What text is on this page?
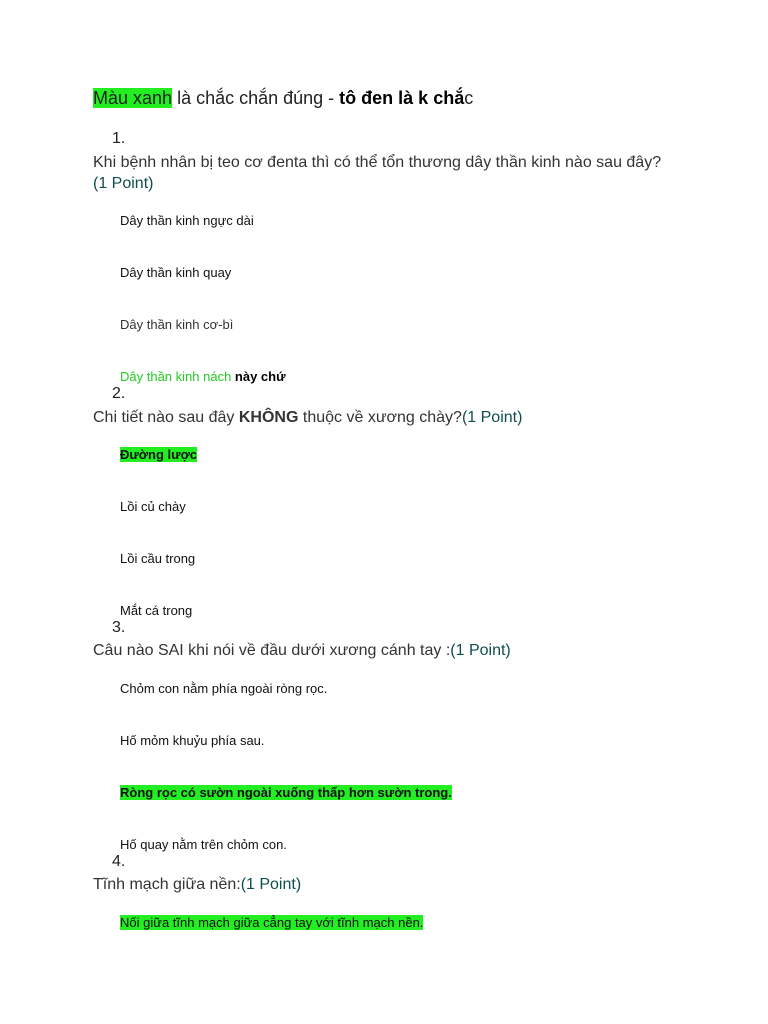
Màu xanh là chắc chắn đúng - tô đen là k chắc
1.
Khi bệnh nhân bị teo cơ đenta thì có thể tổn thương dây thần kinh nào sau đây?(1 Point)
Dây thần kinh ngực dài
Dây thần kinh quay
Dây thần kinh cơ-bì
Dây thần kinh nách này chứ
2.
Chi tiết nào sau đây KHÔNG thuộc về xương chày?(1 Point)
Đường lược
Lồi củ chày
Lồi cầu trong
Mắt cá trong
3.
Câu nào SAI khi nói về đầu dưới xương cánh tay :(1 Point)
Chỏm con nằm phía ngoài ròng rọc.
Hố mỏm khuỷu phía sau.
Ròng rọc có sườn ngoài xuống thấp hơn sườn trong.
Hố quay nằm trên chỏm con.
4.
Tĩnh mạch giữa nền:(1 Point)
Nối giữa tĩnh mạch giữa cẳng tay với tĩnh mạch nền.
